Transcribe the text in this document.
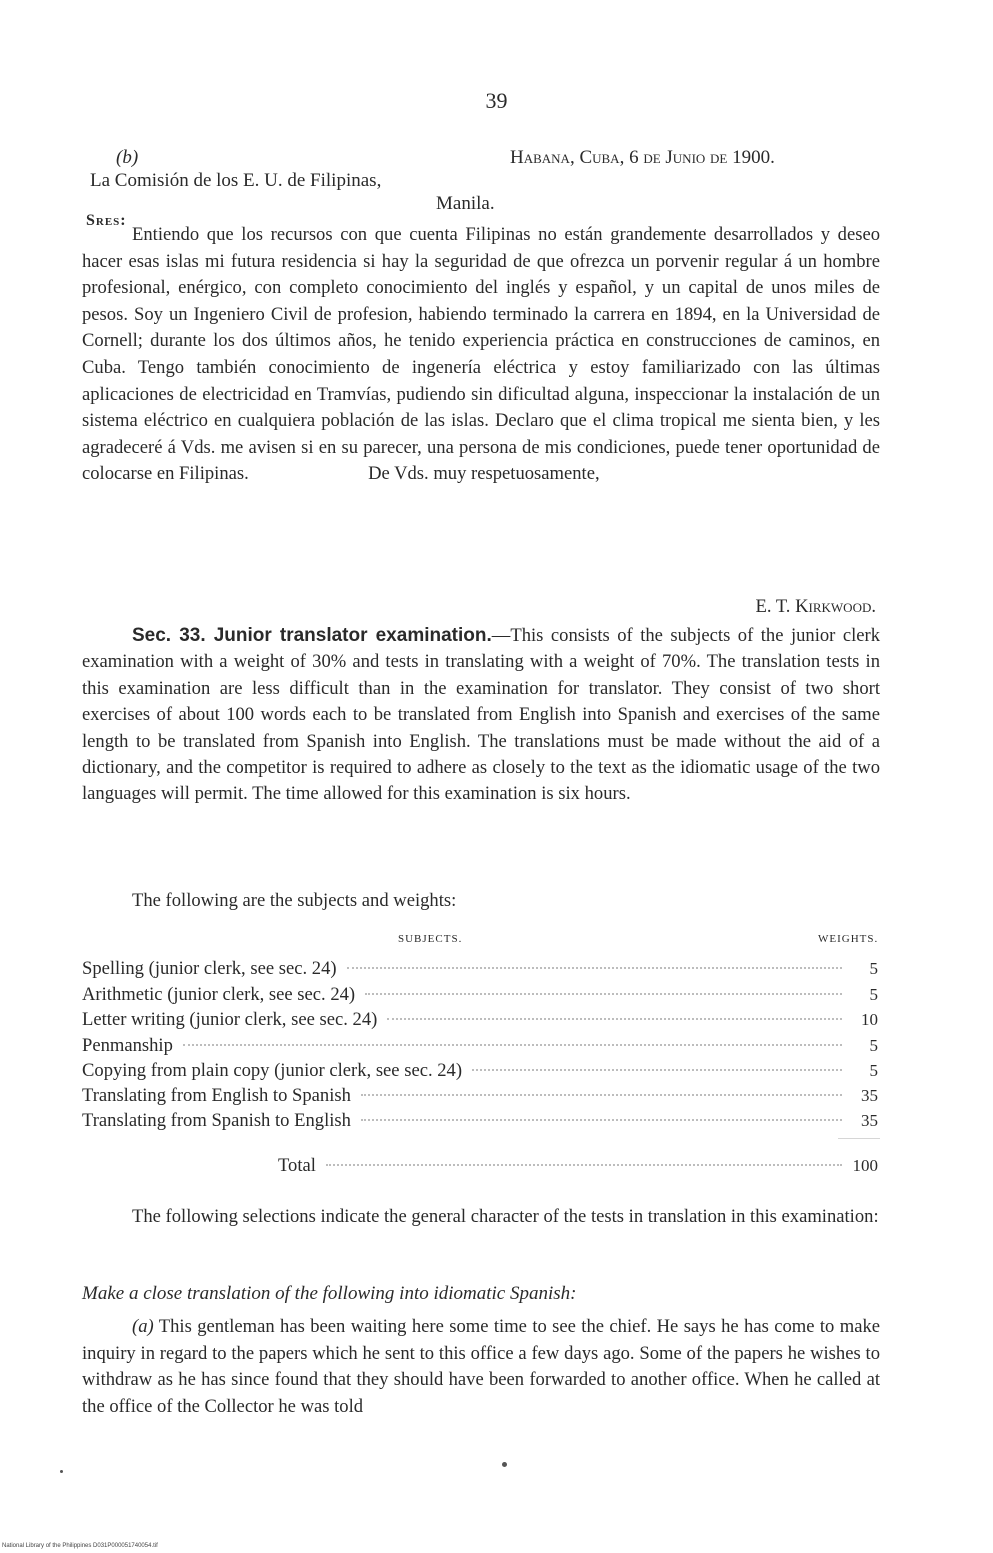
39
(b)	Habana, Cuba, 6 de Junio de 1900.
La Comisión de los E. U. de Filipinas,
Manila.
Sres:
Entiendo que los recursos con que cuenta Filipinas no están grandemente desarrollados y deseo hacer esas islas mi futura residencia si hay la seguridad de que ofrezca un porvenir regular á un hombre profesional, enérgico, con completo conocimiento del inglés y español, y un capital de unos miles de pesos. Soy un Ingeniero Civil de profesion, habiendo terminado la carrera en 1894, en la Universidad de Cornell; durante los dos últimos años, he tenido experiencia práctica en construcciones de caminos, en Cuba. Tengo también conocimiento de ingenería eléctrica y estoy familiarizado con las últimas aplicaciones de electricidad en Tramvías, pudiendo sin dificultad alguna, inspeccionar la instalación de un sistema eléctrico en cualquiera población de las islas. Declaro que el clima tropical me sienta bien, y les agradeceré á Vds. me avisen si en su parecer, una persona de mis condiciones, puede tener oportunidad de colocarse en Filipinas.	De Vds. muy respetuosamente,
E. T. Kirkwood.
Sec. 33. Junior translator examination.—This consists of the subjects of the junior clerk examination with a weight of 30% and tests in translating with a weight of 70%. The translation tests in this examination are less difficult than in the examination for translator. They consist of two short exercises of about 100 words each to be translated from English into Spanish and exercises of the same length to be translated from Spanish into English. The translations must be made without the aid of a dictionary, and the competitor is required to adhere as closely to the text as the idiomatic usage of the two languages will permit. The time allowed for this examination is six hours.
The following are the subjects and weights:
SUBJECTS.	WEIGHTS.
Spelling (junior clerk, see sec. 24)	5
Arithmetic (junior clerk, see sec. 24)	5
Letter writing (junior clerk, see sec. 24)	10
Penmanship	5
Copying from plain copy (junior clerk, see sec. 24)	5
Translating from English to Spanish	35
Translating from Spanish to English	35
Total	100
The following selections indicate the general character of the tests in translation in this examination:
Make a close translation of the following into idiomatic Spanish:
(a) This gentleman has been waiting here some time to see the chief. He says he has come to make inquiry in regard to the papers which he sent to this office a few days ago. Some of the papers he wishes to withdraw as he has since found that they should have been forwarded to another office. When he called at the office of the Collector he was told
National Library of the Philippines D031P000051740054.tif
